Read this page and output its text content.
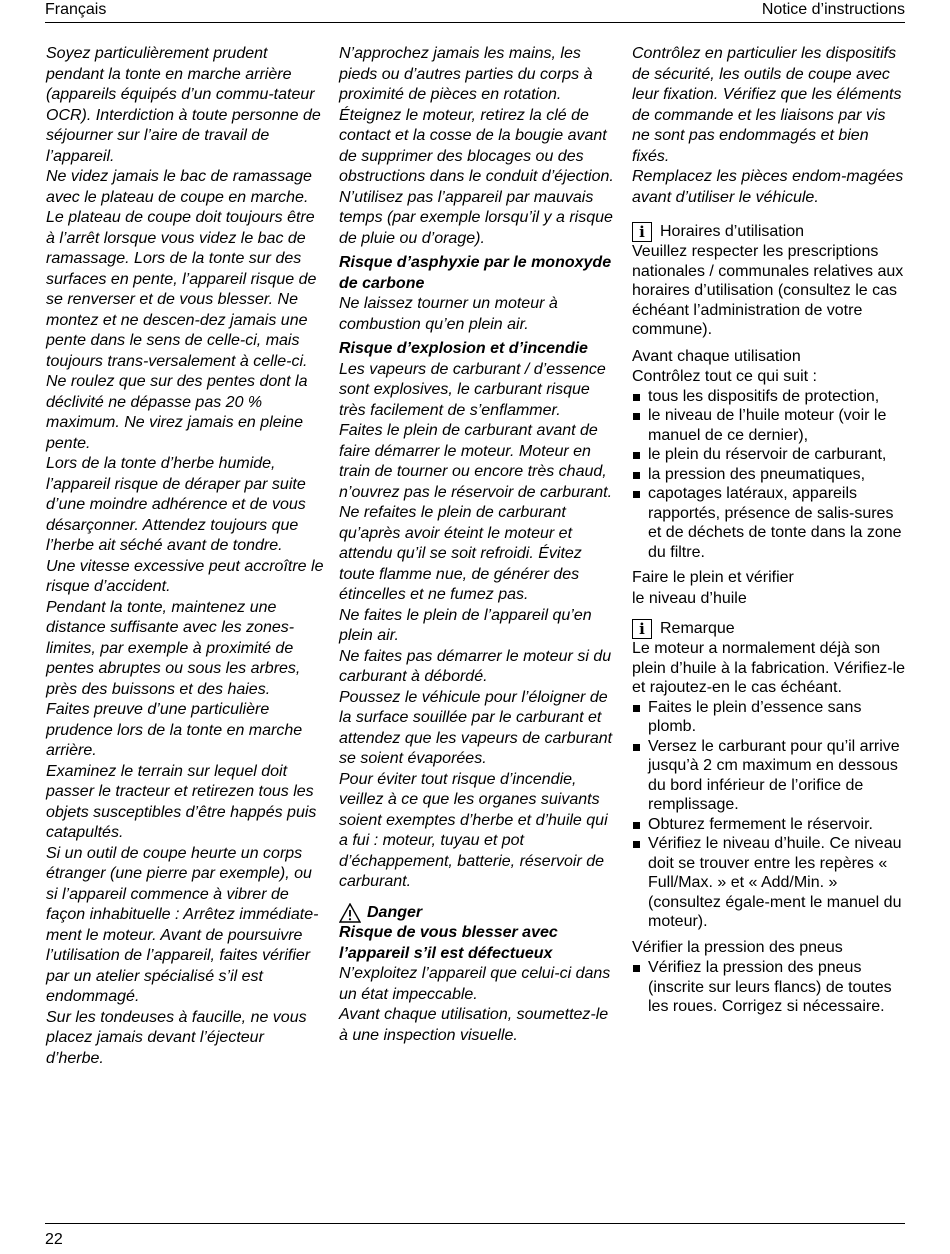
Français	Notice d’instructions

Soyez particulièrement prudent pendant la tonte en marche arrière (appareils équipés d’un commu-tateur OCR). Interdiction à toute personne de séjourner sur l’aire de travail de l’appareil.

Ne videz jamais le bac de ramassage avec le plateau de coupe en marche. Le plateau de coupe doit toujours être à l’arrêt lorsque vous videz le bac de ramassage. Lors de la tonte sur des surfaces en pente, l’appareil risque de se renverser et de vous blesser. Ne montez et ne descen-dez jamais une pente dans le sens de celle-ci, mais toujours trans-versalement à celle-ci.

Ne roulez que sur des pentes dont la déclivité ne dépasse pas 20 % maximum. Ne virez jamais en pleine pente.

Lors de la tonte d’herbe humide, l’appareil risque de déraper par suite d’une moindre adhérence et de vous désarçonner. Attendez toujours que l’herbe ait séché avant de tondre.

Une vitesse excessive peut accroître le risque d’accident.

Pendant la tonte, maintenez une distance suffisante avec les zones-limites, par exemple à proximité de pentes abruptes ou sous les arbres, près des buissons et des haies.

Faites preuve d’une particulière prudence lors de la tonte en marche arrière.

Examinez le terrain sur lequel doit passer le tracteur et retirezen tous les objets susceptibles d’être happés puis catapultés.

Si un outil de coupe heurte un corps étranger (une pierre par exemple), ou si l’appareil commence à vibrer de façon inhabituelle : Arrêtez immédiate-ment le moteur. Avant de poursuivre l’utilisation de l’appareil, faites vérifier par un atelier spécialisé s’il est endommagé.

Sur les tondeuses à faucille, ne vous placez jamais devant l’éjecteur d’herbe.

N’approchez jamais les mains, les pieds ou d’autres parties du corps à proximité de pièces en rotation.

Éteignez le moteur, retirez la clé de contact et la cosse de la bougie avant de supprimer des blocages ou des obstructions dans le conduit d’éjection.

N’utilisez pas l’appareil par mauvais temps (par exemple lorsqu’il y a risque de pluie ou d’orage).

Risque d’asphyxie par le monoxyde de carbone

Ne laissez tourner un moteur à combustion qu’en plein air.

Risque d’explosion et d’incendie

Les vapeurs de carburant / d’essence sont explosives, le carburant risque très facilement de s’enflammer.

Faites le plein de carburant avant de faire démarrer le moteur. Moteur en train de tourner ou encore très chaud, n’ouvrez pas le réservoir de carburant.

Ne refaites le plein de carburant qu’après avoir éteint le moteur et attendu qu’il se soit refroidi. Évitez toute flamme nue, de générer des étincelles et ne fumez pas.

Ne faites le plein de l’appareil qu’en plein air.

Ne faites pas démarrer le moteur si du carburant à débordé.

Poussez le véhicule pour l’éloigner de la surface souillée par le carburant et attendez que les vapeurs de carburant se soient évaporées.

Pour éviter tout risque d’incendie, veillez à ce que les organes suivants soient exemptes d’herbe et d’huile qui a fui : moteur, tuyau et pot d’échappement, batterie, réservoir de carburant.

Danger

Risque de vous blesser avec l’appareil s’il est défectueux

N’exploitez l’appareil que celui-ci dans un état impeccable.

Avant chaque utilisation, soumettez-le à une inspection visuelle.

Contrôlez en particulier les dispositifs de sécurité, les outils de coupe avec leur fixation. Vérifiez que les éléments de commande et les liaisons par vis ne sont pas endommagés et bien fixés.

Remplacez les pièces endom-magées avant d’utiliser le véhicule.

i Horaires d’utilisation

Veuillez respecter les prescriptions nationales / communales relatives aux horaires d’utilisation (consultez le cas échéant l’administration de votre commune).

Avant chaque utilisation

Contrôlez tout ce qui suit :

tous les dispositifs de protection,
le niveau de l’huile moteur (voir le manuel de ce dernier),
le plein du réservoir de carburant,
la pression des pneumatiques,
capotages latéraux, appareils rapportés, présence de salis-sures et de déchets de tonte dans la zone du filtre.

Faire le plein et vérifier

le niveau d’huile

i Remarque

Le moteur a normalement déjà son plein d’huile à la fabrication. Vérifiez-le et rajoutez-en le cas échéant.

Faites le plein d’essence sans plomb.
Versez le carburant pour qu’il arrive jusqu’à 2 cm maximum en dessous du bord inférieur de l’orifice de remplissage.
Obturez fermement le réservoir.
Vérifiez le niveau d’huile. Ce niveau doit se trouver entre les repères « Full/Max. » et « Add/Min. » (consultez égale-ment le manuel du moteur).

Vérifier la pression des pneus

Vérifiez la pression des pneus (inscrite sur leurs flancs) de toutes les roues. Corrigez si nécessaire.
22
